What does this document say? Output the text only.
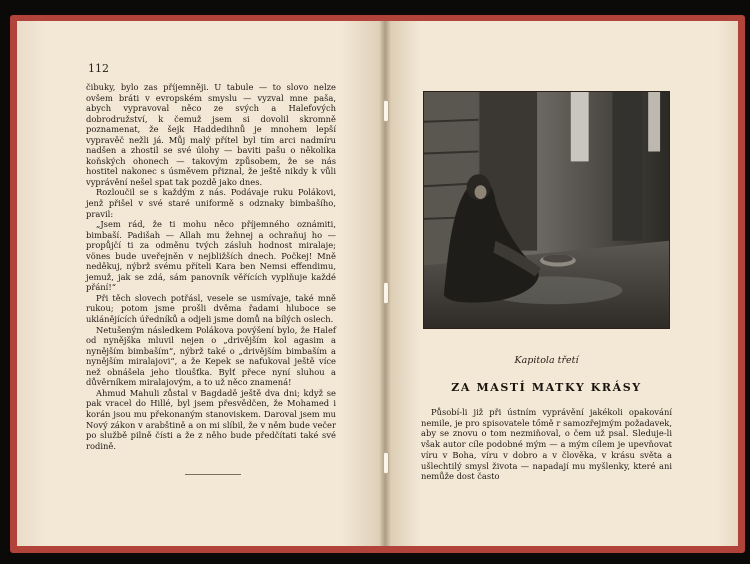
112

čibuky, bylo zas příjemněji. U tabule — to slovo nelze ovšem bráti v evropském smyslu — vyzval mne paša, abych vypravoval něco ze svých a Halefových dobrodružství, k čemuž jsem si dovolil skromně poznamenat, že šejk Haddedihnů je mnohem lepší vypravěč nežli já. Můj malý přítel byl tím arci nadmíru nadšen a zhostil se své úlohy — baviti pašu o několika koňských ohonech — takovým způsobem, že se nás hostitel nakonec s úsměvem přiznal, že ještě nikdy k vůli vyprávění nešel spat tak pozdě jako dnes.

Rozloučil se s každým z nás. Podávaje ruku Polákovi, jenž přišel v své staré uniformě s odznaky bimbašího, pravil:

„Jsem rád, že ti mohu něco příjemného oznámiti, bimbaší. Padišah — Allah mu žehnej a ochraňuj ho — propůjčí ti za odměnu tvých zásluh hodnost miralaje; vönes bude uveřejněn v nejbližších dnech. Počkej! Mně neděkuj, nýbrž svému příteli Kara ben Nemsi effendimu, jemuž, jak se zdá, sám panovník věřících vyplňuje každé přání!“

Při těch slovech potřásl, vesele se usmívaje, také mně rukou; potom jsme prošli dvěma řadami hluboce se uklánějících úředníků a odjeli jsme domů na bílých oslech.

Netušeným následkem Polákova povýšení bylo, že Halef od nynějška mluvil nejen o „drivějším kol agasim a nynějším bimbaším“, nýbrž také o „drivějším bimbaším a nynějším miralajovi“, a že Kepek se nafukoval ještě více než obnášela jeho tloušťka. Bylť přece nyní sluhou a důvěrníkem miralajovým, a to už něco znamená!

Ahmud Mahuli zůstal v Bagdadě ještě dva dni; když se pak vracel do Hillé, byl jsem přesvědčen, že Mohamed i korán jsou mu překonaným stanoviskem. Daroval jsem mu Nový zákon v arabštině a on mi slíbil, že v něm bude večer po službě pilně čísti a že z něho bude předčítati také své rodině.

Kapitola třetí
ZA MASTÍ MATKY KRÁSY

Působí-li již při ústním vyprávění jakékoli opakování nemile, je pro spisovatele tőmě r samozřejmým požadavek, aby se znovu o tom nezmiňoval, o čem už psal. Sleduje-li však autor cíle podobné mým — a mým cílem je upevňovat víru v Boha, víru v dobro a v člověka, v krásu světa a ušlechtilý smysl života — napadají mu myšlenky, které ani nemůže dost často
